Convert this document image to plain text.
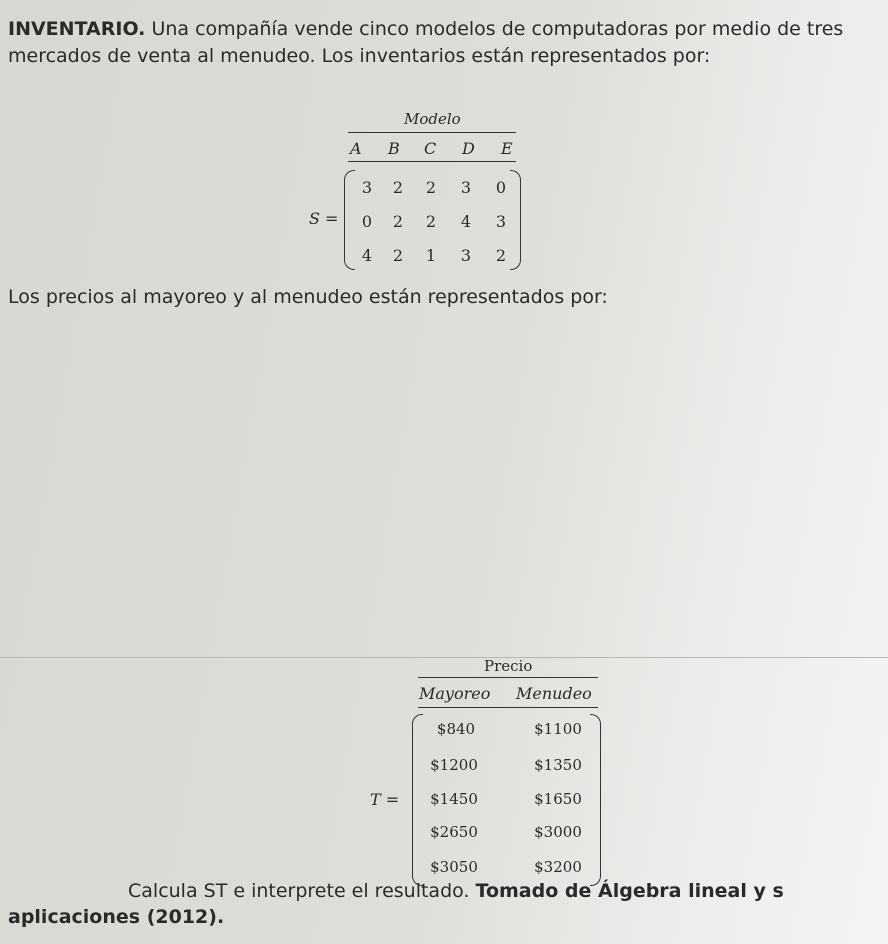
INVENTARIO. Una compañía vende cinco modelos de computadoras por medio de tres mercados de venta al menudeo. Los inventarios están representados por:
Modelo
A B C D E
S =
3	2	2	3	0
0	2	2	4	3
4	2	1	3	2
Los precios al mayoreo y al menudeo están representados por:
Precio
Mayoreo Menudeo
T =
$840	$1100
$1200	$1350
$1450	$1650
$2650	$3000
$3050	$3200
Calcula ST e interprete el resultado. Tomado de Álgebra lineal y s
aplicaciones (2012).
